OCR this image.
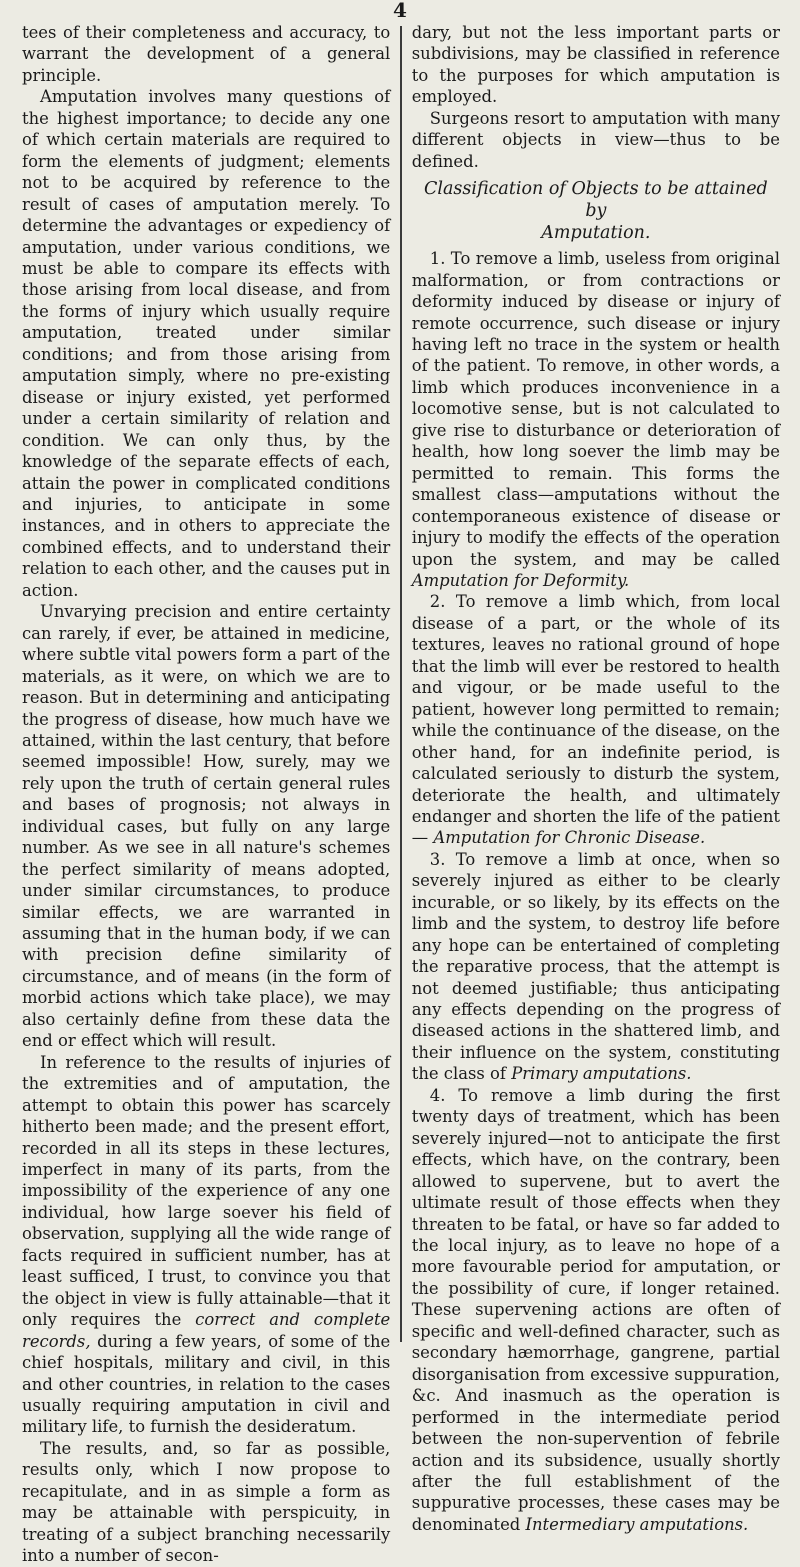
4

tees of their completeness and accuracy, to warrant the development of a general principle.

Amputation involves many questions of the highest importance; to decide any one of which certain materials are required to form the elements of judgment; elements not to be acquired by reference to the result of cases of amputation merely. To determine the advantages or expediency of amputation, under various conditions, we must be able to compare its effects with those arising from local disease, and from the forms of injury which usually require amputation, treated under similar conditions; and from those arising from amputation simply, where no pre-existing disease or injury existed, yet performed under a certain similarity of relation and condition. We can only thus, by the knowledge of the separate effects of each, attain the power in complicated conditions and injuries, to anticipate in some instances, and in others to appreciate the combined effects, and to understand their relation to each other, and the causes put in action.

Unvarying precision and entire certainty can rarely, if ever, be attained in medicine, where subtle vital powers form a part of the materials, as it were, on which we are to reason. But in determining and anticipating the progress of disease, how much have we attained, within the last century, that before seemed impossible! How, surely, may we rely upon the truth of certain general rules and bases of prognosis; not always in individual cases, but fully on any large number. As we see in all nature's schemes the perfect similarity of means adopted, under similar circumstances, to produce similar effects, we are warranted in assuming that in the human body, if we can with precision define similarity of circumstance, and of means (in the form of morbid actions which take place), we may also certainly define from these data the end or effect which will result.

In reference to the results of injuries of the extremities and of amputation, the attempt to obtain this power has scarcely hitherto been made; and the present effort, recorded in all its steps in these lectures, imperfect in many of its parts, from the impossibility of the experience of any one individual, how large soever his field of observation, supplying all the wide range of facts required in sufficient number, has at least sufficed, I trust, to convince you that the object in view is fully attainable—that it only requires the correct and complete records, during a few years, of some of the chief hospitals, military and civil, in this and other countries, in relation to the cases usually requiring amputation in civil and military life, to furnish the desideratum.

The results, and, so far as possible, results only, which I now propose to recapitulate, and in as simple a form as may be attainable with perspicuity, in treating of a subject branching necessarily into a number of secon-

dary, but not the less important parts or subdivisions, may be classified in reference to the purposes for which amputation is employed.

Surgeons resort to amputation with many different objects in view—thus to be defined.

Classification of Objects to be attained by
Amputation.

1. To remove a limb, useless from original malformation, or from contractions or deformity induced by disease or injury of remote occurrence, such disease or injury having left no trace in the system or health of the patient. To remove, in other words, a limb which produces inconvenience in a locomotive sense, but is not calculated to give rise to disturbance or deterioration of health, how long soever the limb may be permitted to remain. This forms the smallest class—amputations without the contemporaneous existence of disease or injury to modify the effects of the operation upon the system, and may be called Amputation for Deformity.

2. To remove a limb which, from local disease of a part, or the whole of its textures, leaves no rational ground of hope that the limb will ever be restored to health and vigour, or be made useful to the patient, however long permitted to remain; while the continuance of the disease, on the other hand, for an indefinite period, is calculated seriously to disturb the system, deteriorate the health, and ultimately endanger and shorten the life of the patient — Amputation for Chronic Disease.

3. To remove a limb at once, when so severely injured as either to be clearly incurable, or so likely, by its effects on the limb and the system, to destroy life before any hope can be entertained of completing the reparative process, that the attempt is not deemed justifiable; thus anticipating any effects depending on the progress of diseased actions in the shattered limb, and their influence on the system, constituting the class of Primary amputations.

4. To remove a limb during the first twenty days of treatment, which has been severely injured—not to anticipate the first effects, which have, on the contrary, been allowed to supervene, but to avert the ultimate result of those effects when they threaten to be fatal, or have so far added to the local injury, as to leave no hope of a more favourable period for amputation, or the possibility of cure, if longer retained. These supervening actions are often of specific and well-defined character, such as secondary hæmorrhage, gangrene, partial disorganisation from excessive suppuration, &c. And inasmuch as the operation is performed in the intermediate period between the non-supervention of febrile action and its subsidence, usually shortly after the full establishment of the suppurative processes, these cases may be denominated Intermediary amputations.
